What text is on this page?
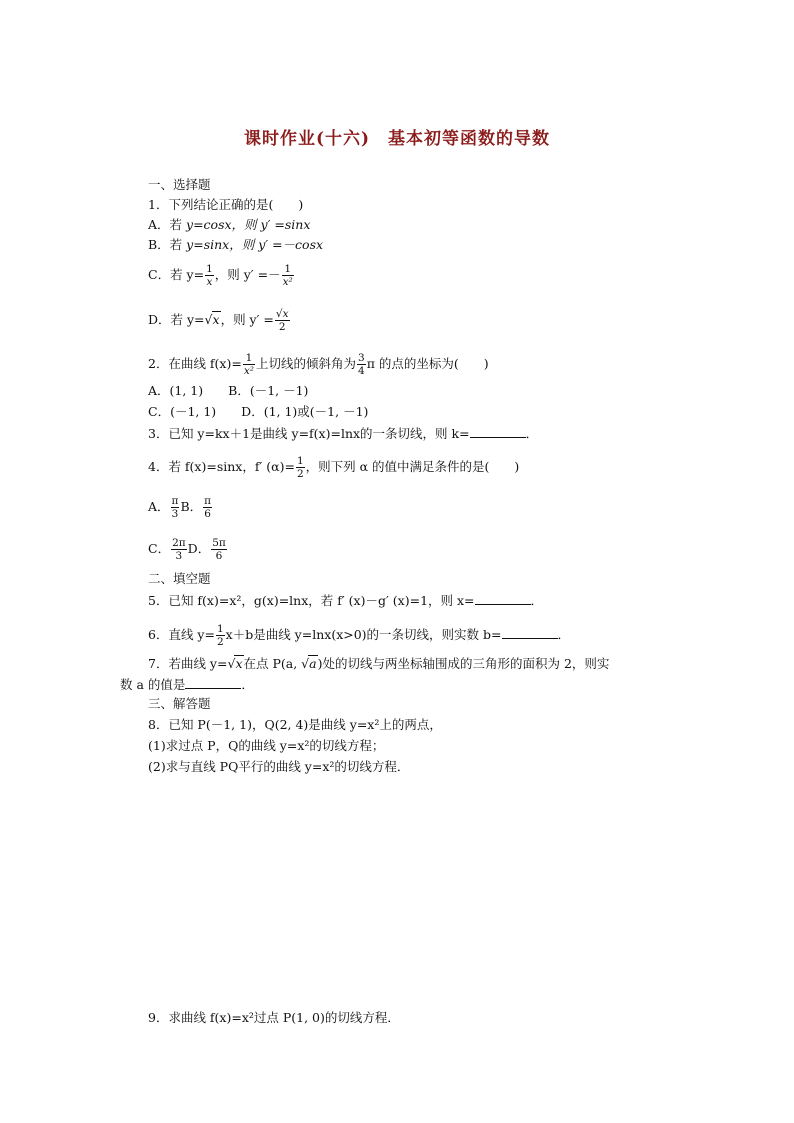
课时作业(十六)　基本初等函数的导数
一、选择题
1．下列结论正确的是(　　)
A．若 y=cosx，则 y′ =sinx
B．若 y=sinx，则 y′ =－cosx
C．若 $y= \frac{1}{x}$ ，则 $y' =- \frac{1}{\text{x²}}$
D．若 y=√x，则 $y' = \frac{√x}{2}$
2．在曲线 $f(x)= \frac{1}{\text{x²}}$ 上切线的倾斜角为 $\frac{3}{4}$ π 的点的坐标为(　　)
A．(1, 1)　　B．(－1, －1)
C．(－1, 1)　　D．(1, 1)或(－1, －1)
3．已知 y=kx＋1是曲线 y=f(x)=lnx的一条切线，则 k=	．
4．若 f(x)=sinx，f′ $(\alpha)= \frac{1}{2}$ ，则下列 α 的值中满足条件的是(　　)
A． $\frac{\pi}{3}$ B． $\frac{\pi}{6}$
C． $\frac{2\pi}{3}$ D． $\frac{5\pi}{6}$
二、填空题
5．已知 f(x)=x²，g(x)=lnx，若 f′ (x)－g′ (x)=1，则 x=	．
6．直线 $y= \frac{1}{2} x+b$是曲线 y=lnx(x>0)的一条切线，则实数 b=	．
7．若曲线 y=√x在点 P(a, √a)处的切线与两坐标轴围成的三角形的面积为 2，则实
数 a 的值是	．
三、解答题
8．已知 P(－1, 1)，Q(2, 4)是曲线 y=x²上的两点，
(1)求过点 P，Q的曲线 y=x²的切线方程；
(2)求与直线 PQ平行的曲线 y=x²的切线方程．
9．求曲线 f(x)=x²过点 P(1, 0)的切线方程．
